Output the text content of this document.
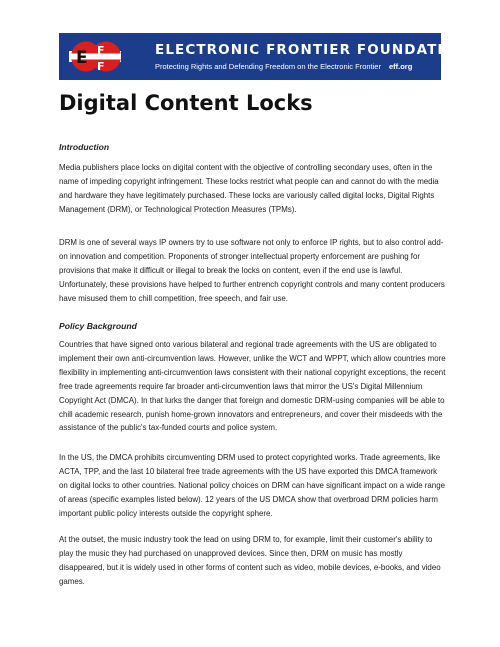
E F
F
ELECTRONIC FRONTIER FOUNDATION
Protecting Rights and Defending Freedom on the Electronic Frontier eff.org
Digital Content Locks
Introduction

Media publishers place locks on digital content with the objective of controlling secondary uses, often in the name of impeding copyright infringement. These locks restrict what people can and cannot do with the media and hardware they have legitimately purchased. These locks are variously called digital locks, Digital Rights Management (DRM), or Technological Protection Measures (TPMs).

DRM is one of several ways IP owners try to use software not only to enforce IP rights, but to also control add-on innovation and competition. Proponents of stronger intellectual property enforcement are pushing for provisions that make it difficult or illegal to break the locks on content, even if the end use is lawful. Unfortunately, these provisions have helped to further entrench copyright controls and many content producers have misused them to chill competition, free speech, and fair use.

Policy Background

Countries that have signed onto various bilateral and regional trade agreements with the US are obligated to implement their own anti-circumvention laws. However, unlike the WCT and WPPT, which allow countries more flexibility in implementing anti-circumvention laws consistent with their national copyright exceptions, the recent free trade agreements require far broader anti-circumvention laws that mirror the US's Digital Millennium Copyright Act (DMCA). In that lurks the danger that foreign and domestic DRM-using companies will be able to chill academic research, punish home-grown innovators and entrepreneurs, and cover their misdeeds with the assistance of the public's tax-funded courts and police system.

In the US, the DMCA prohibits circumventing DRM used to protect copyrighted works. Trade agreements, like ACTA, TPP, and the last 10 bilateral free trade agreements with the US have exported this DMCA framework on digital locks to other countries. National policy choices on DRM can have significant impact on a wide range of areas (specific examples listed below). 12 years of the US DMCA show that overbroad DRM policies harm important public policy interests outside the copyright sphere.

At the outset, the music industry took the lead on using DRM to, for example, limit their customer's ability to play the music they had purchased on unapproved devices. Since then, DRM on music has mostly disappeared, but it is widely used in other forms of content such as video, mobile devices, e-books, and video games.
